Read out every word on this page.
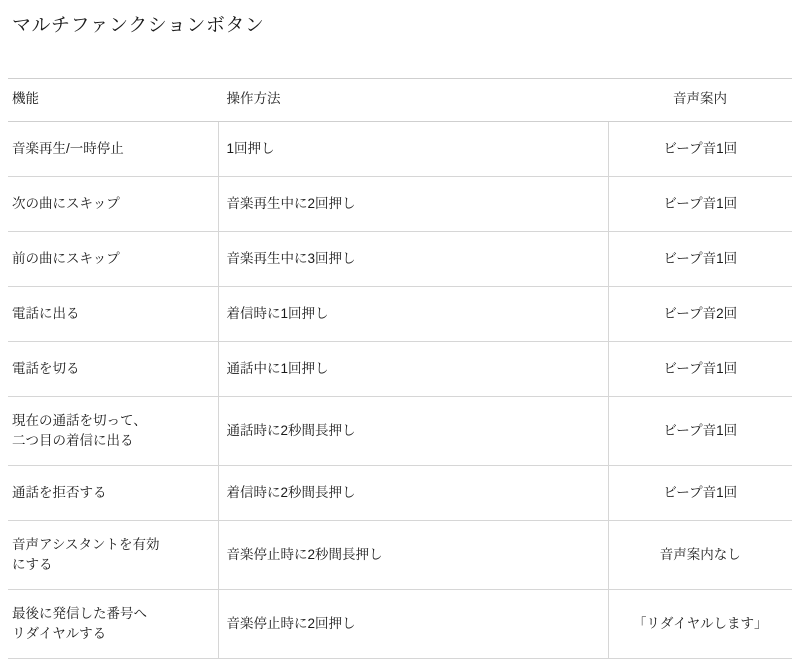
マルチファンクションボタン
機能	操作方法	音声案内

音楽再生/一時停止	1回押し	ビープ音1回

次の曲にスキップ	音楽再生中に2回押し	ビープ音1回

前の曲にスキップ	音楽再生中に3回押し	ビープ音1回

電話に出る	着信時に1回押し	ビープ音2回

電話を切る	通話中に1回押し	ビープ音1回

現在の通話を切って、
二つ目の着信に出る	通話時に2秒間長押し	ビープ音1回

通話を拒否する	着信時に2秒間長押し	ビープ音1回

音声アシスタントを有効
にする	音楽停止時に2秒間長押し	音声案内なし

最後に発信した番号へ
リダイヤルする	音楽停止時に2回押し	「リダイヤルします」
